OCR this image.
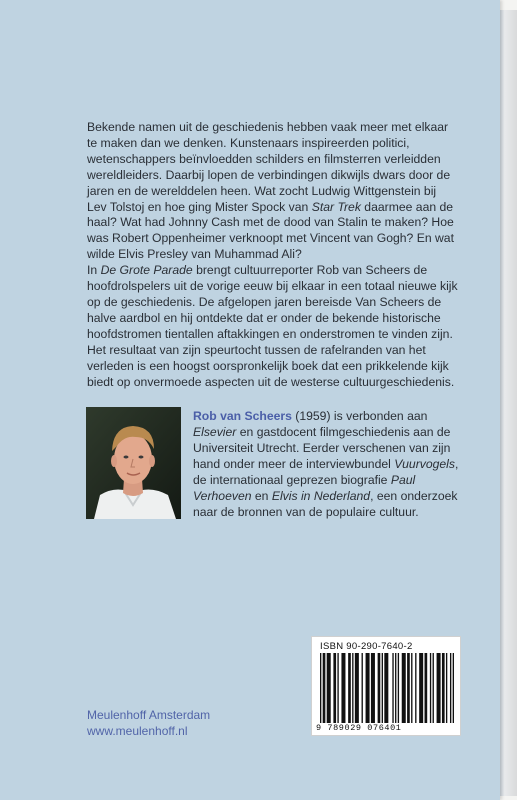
Bekende namen uit de geschiedenis hebben vaak meer met elkaar te maken dan we denken. Kunstenaars inspireerden politici, wetenschappers beïnvloedden schilders en filmsterren verleidden wereldleiders. Daarbij lopen de verbindingen dikwijls dwars door de jaren en de werelddelen heen. Wat zocht Ludwig Wittgenstein bij Lev Tolstoj en hoe ging Mister Spock van Star Trek daarmee aan de haal? Wat had Johnny Cash met de dood van Stalin te maken? Hoe was Robert Oppenheimer verknoopt met Vincent van Gogh? En wat wilde Elvis Presley van Muhammad Ali?

In De Grote Parade brengt cultuurreporter Rob van Scheers de hoofdrolspelers uit de vorige eeuw bij elkaar in een totaal nieuwe kijk op de geschiedenis. De afgelopen jaren bereisde Van Scheers de halve aardbol en hij ontdekte dat er onder de bekende historische hoofdstromen tientallen aftakkingen en onderstromen te vinden zijn. Het resultaat van zijn speurtocht tussen de rafelranden van het verleden is een hoogst oorspronkelijk boek dat een prikkelende kijk biedt op onvermoede aspecten uit de westerse cultuurgeschiedenis.

Rob van Scheers (1959) is verbonden aan Elsevier en gastdocent filmgeschiedenis aan de Universiteit Utrecht. Eerder verschenen van zijn hand onder meer de interviewbundel Vuurvogels, de internationaal geprezen biografie Paul Verhoeven en Elvis in Nederland, een onderzoek naar de bronnen van de populaire cultuur.
ISBN 90-290-7640-2
9 789029 076401
Meulenhoff Amsterdam
www.meulenhoff.nl
